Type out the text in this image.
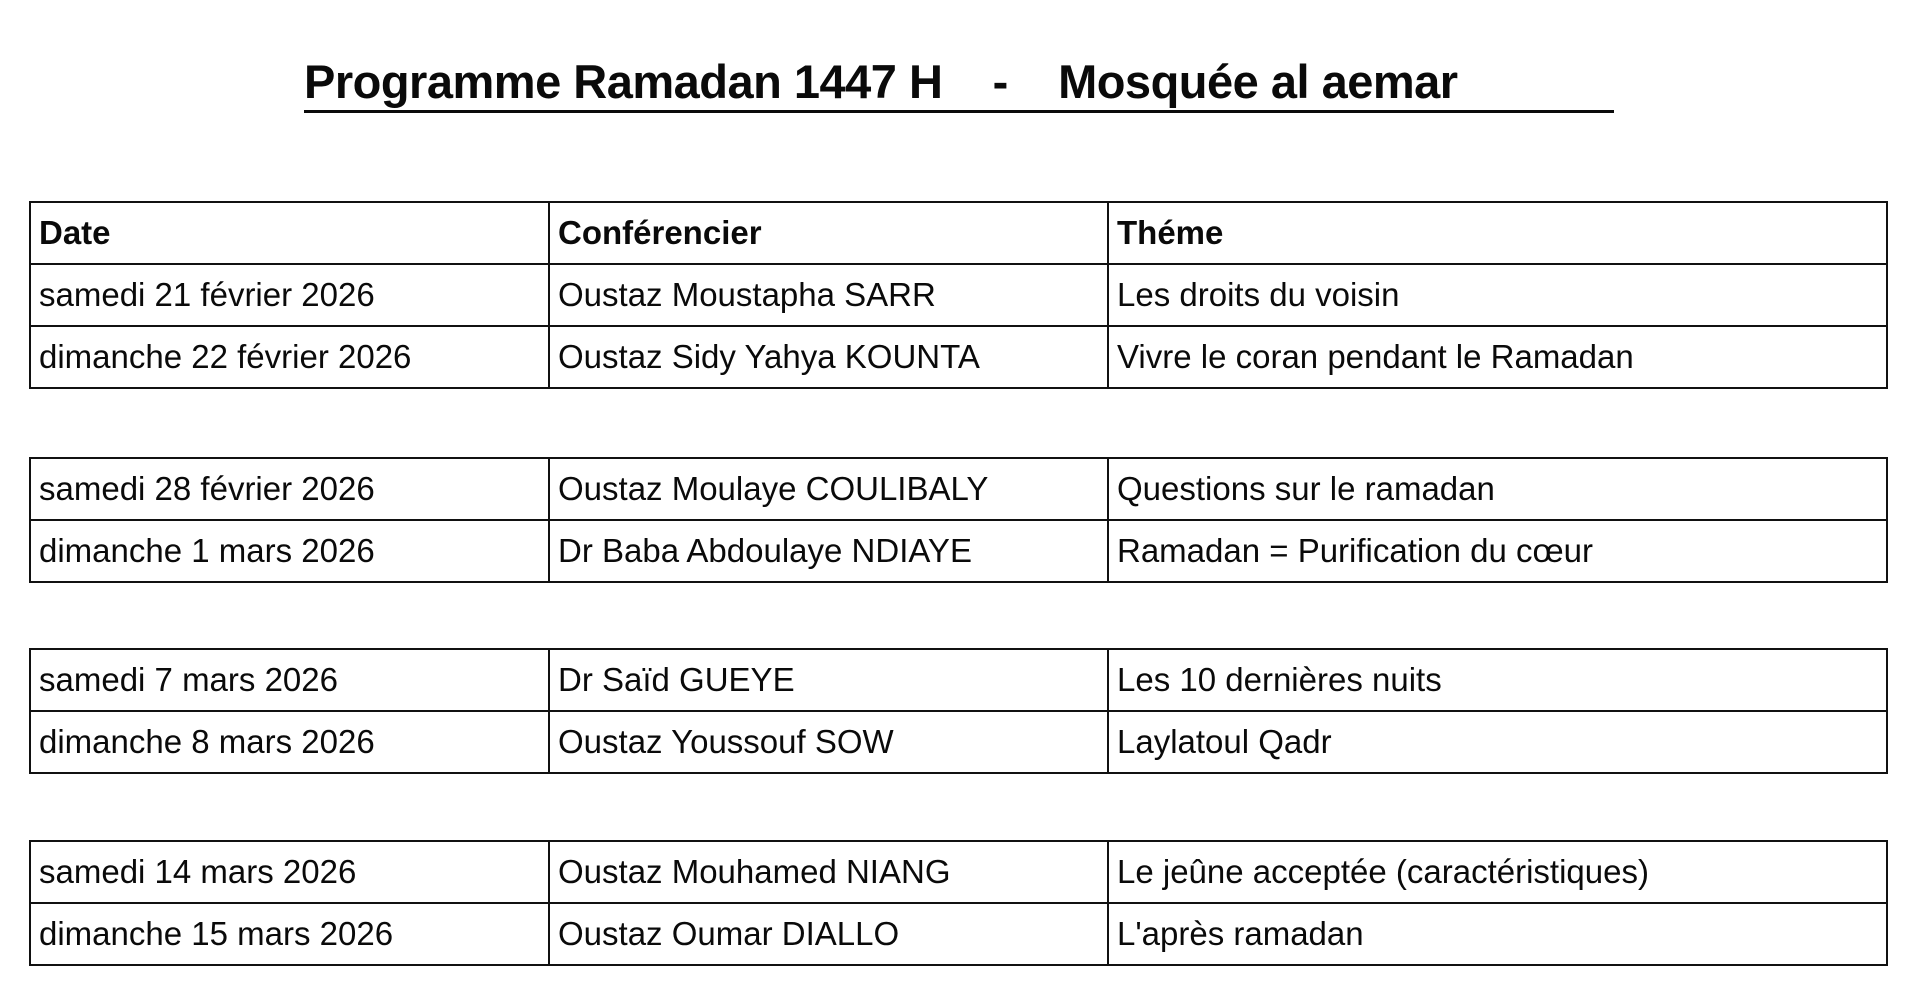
Programme Ramadan 1447 H    -    Mosquée al aemar
Date	Conférencier	Théme
samedi 21 février 2026	Oustaz Moustapha SARR	Les droits du voisin
dimanche 22 février 2026	Oustaz Sidy Yahya KOUNTA	Vivre le coran pendant le Ramadan
samedi 28 février 2026	Oustaz Moulaye COULIBALY	Questions sur le ramadan
dimanche 1 mars 2026	Dr Baba Abdoulaye NDIAYE	Ramadan = Purification du cœur
samedi 7 mars 2026	Dr Saïd GUEYE	Les 10 dernières nuits
dimanche 8 mars 2026	Oustaz Youssouf SOW	Laylatoul Qadr
samedi 14 mars 2026	Oustaz Mouhamed NIANG	Le jeûne acceptée (caractéristiques)
dimanche 15 mars 2026	Oustaz Oumar DIALLO	L'après ramadan
